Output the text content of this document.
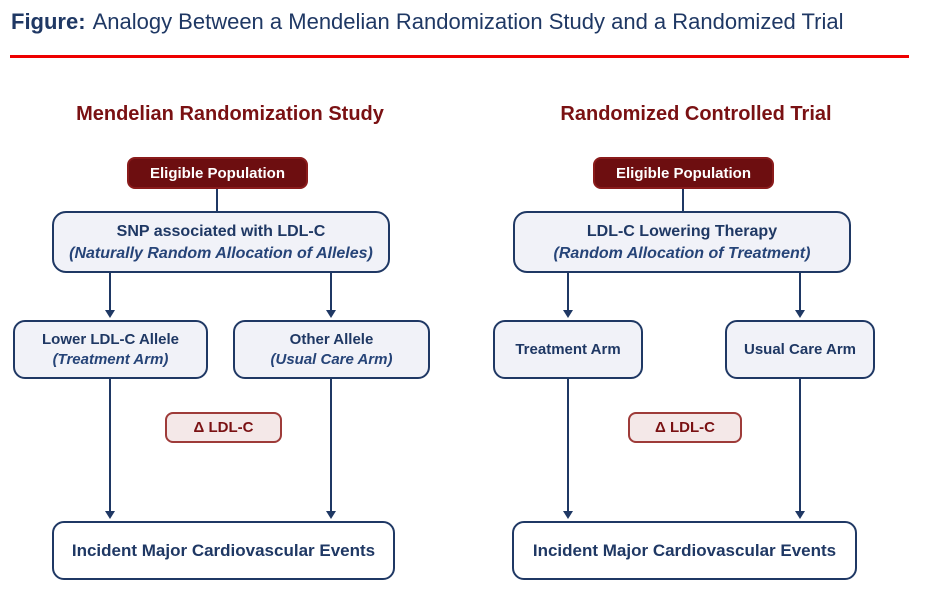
Figure: Analogy Between a Mendelian Randomization Study and a Randomized Trial
Mendelian Randomization Study
Eligible Population
SNP associated with LDL-C
(Naturally Random Allocation of Alleles)
Lower LDL-C Allele
(Treatment Arm)
Other Allele
(Usual Care Arm)
Δ LDL-C
Incident Major Cardiovascular Events
Randomized Controlled Trial
Eligible Population
LDL-C Lowering Therapy
(Random Allocation of Treatment)
Treatment Arm	Usual Care Arm
Δ LDL-C
Incident Major Cardiovascular Events
